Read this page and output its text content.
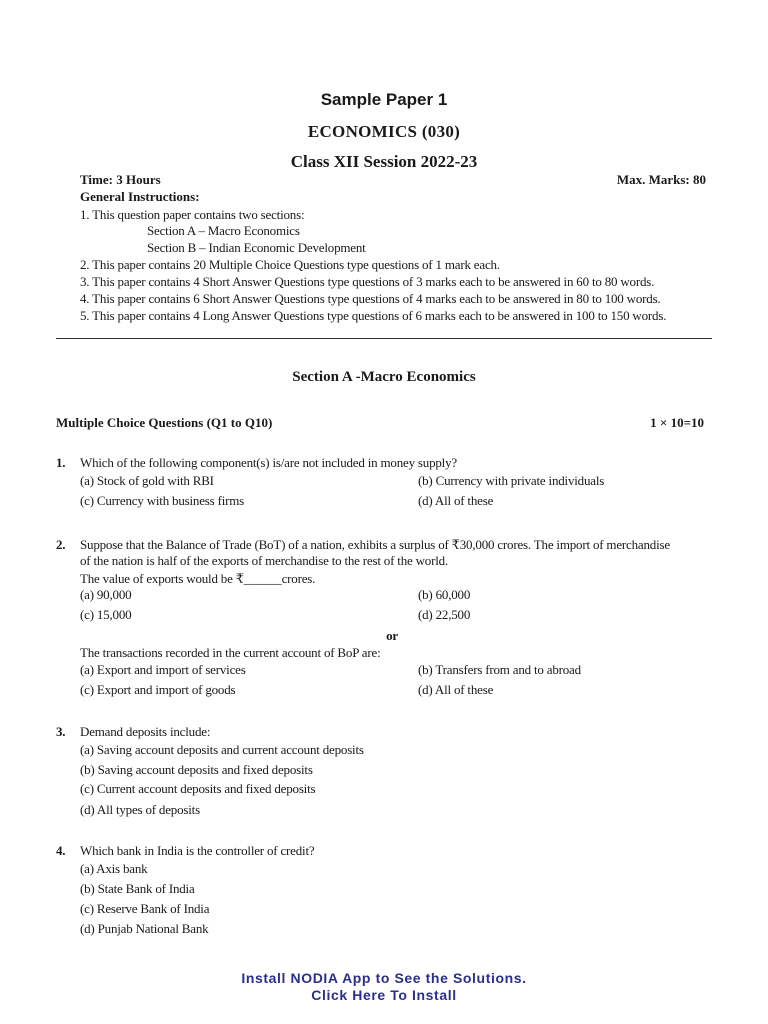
Sample Paper 1
ECONOMICS (030)
Class XII Session 2022-23
Time: 3 Hours	Max. Marks: 80
General Instructions:
1. This question paper contains two sections:
Section A – Macro Economics
Section B – Indian Economic Development
2. This paper contains 20 Multiple Choice Questions type questions of 1 mark each.
3. This paper contains 4 Short Answer Questions type questions of 3 marks each to be answered in 60 to 80 words.
4. This paper contains 6 Short Answer Questions type questions of 4 marks each to be answered in 80 to 100 words.
5. This paper contains 4 Long Answer Questions type questions of 6 marks each to be answered in 100 to 150 words.
Section A -Macro Economics
Multiple Choice Questions (Q1 to Q10)	1 × 10=10
1. Which of the following component(s) is/are not included in money supply?
(a) Stock of gold with RBI	(b) Currency with private individuals
(c) Currency with business firms	(d) All of these
2. Suppose that the Balance of Trade (BoT) of a nation, exhibits a surplus of ₹30,000 crores. The import of merchandise
of the nation is half of the exports of merchandise to the rest of the world.
The value of exports would be ₹______crores.
(a) 90,000	(b) 60,000
(c) 15,000	(d) 22,500
or
The transactions recorded in the current account of BoP are:
(a) Export and import of services	(b) Transfers from and to abroad
(c) Export and import of goods	(d) All of these
3. Demand deposits include:
(a) Saving account deposits and current account deposits
(b) Saving account deposits and fixed deposits
(c) Current account deposits and fixed deposits
(d) All types of deposits
4. Which bank in India is the controller of credit?
(a) Axis bank
(b) State Bank of India
(c) Reserve Bank of India
(d) Punjab National Bank
Install NODIA App to See the Solutions.
Click Here To Install
